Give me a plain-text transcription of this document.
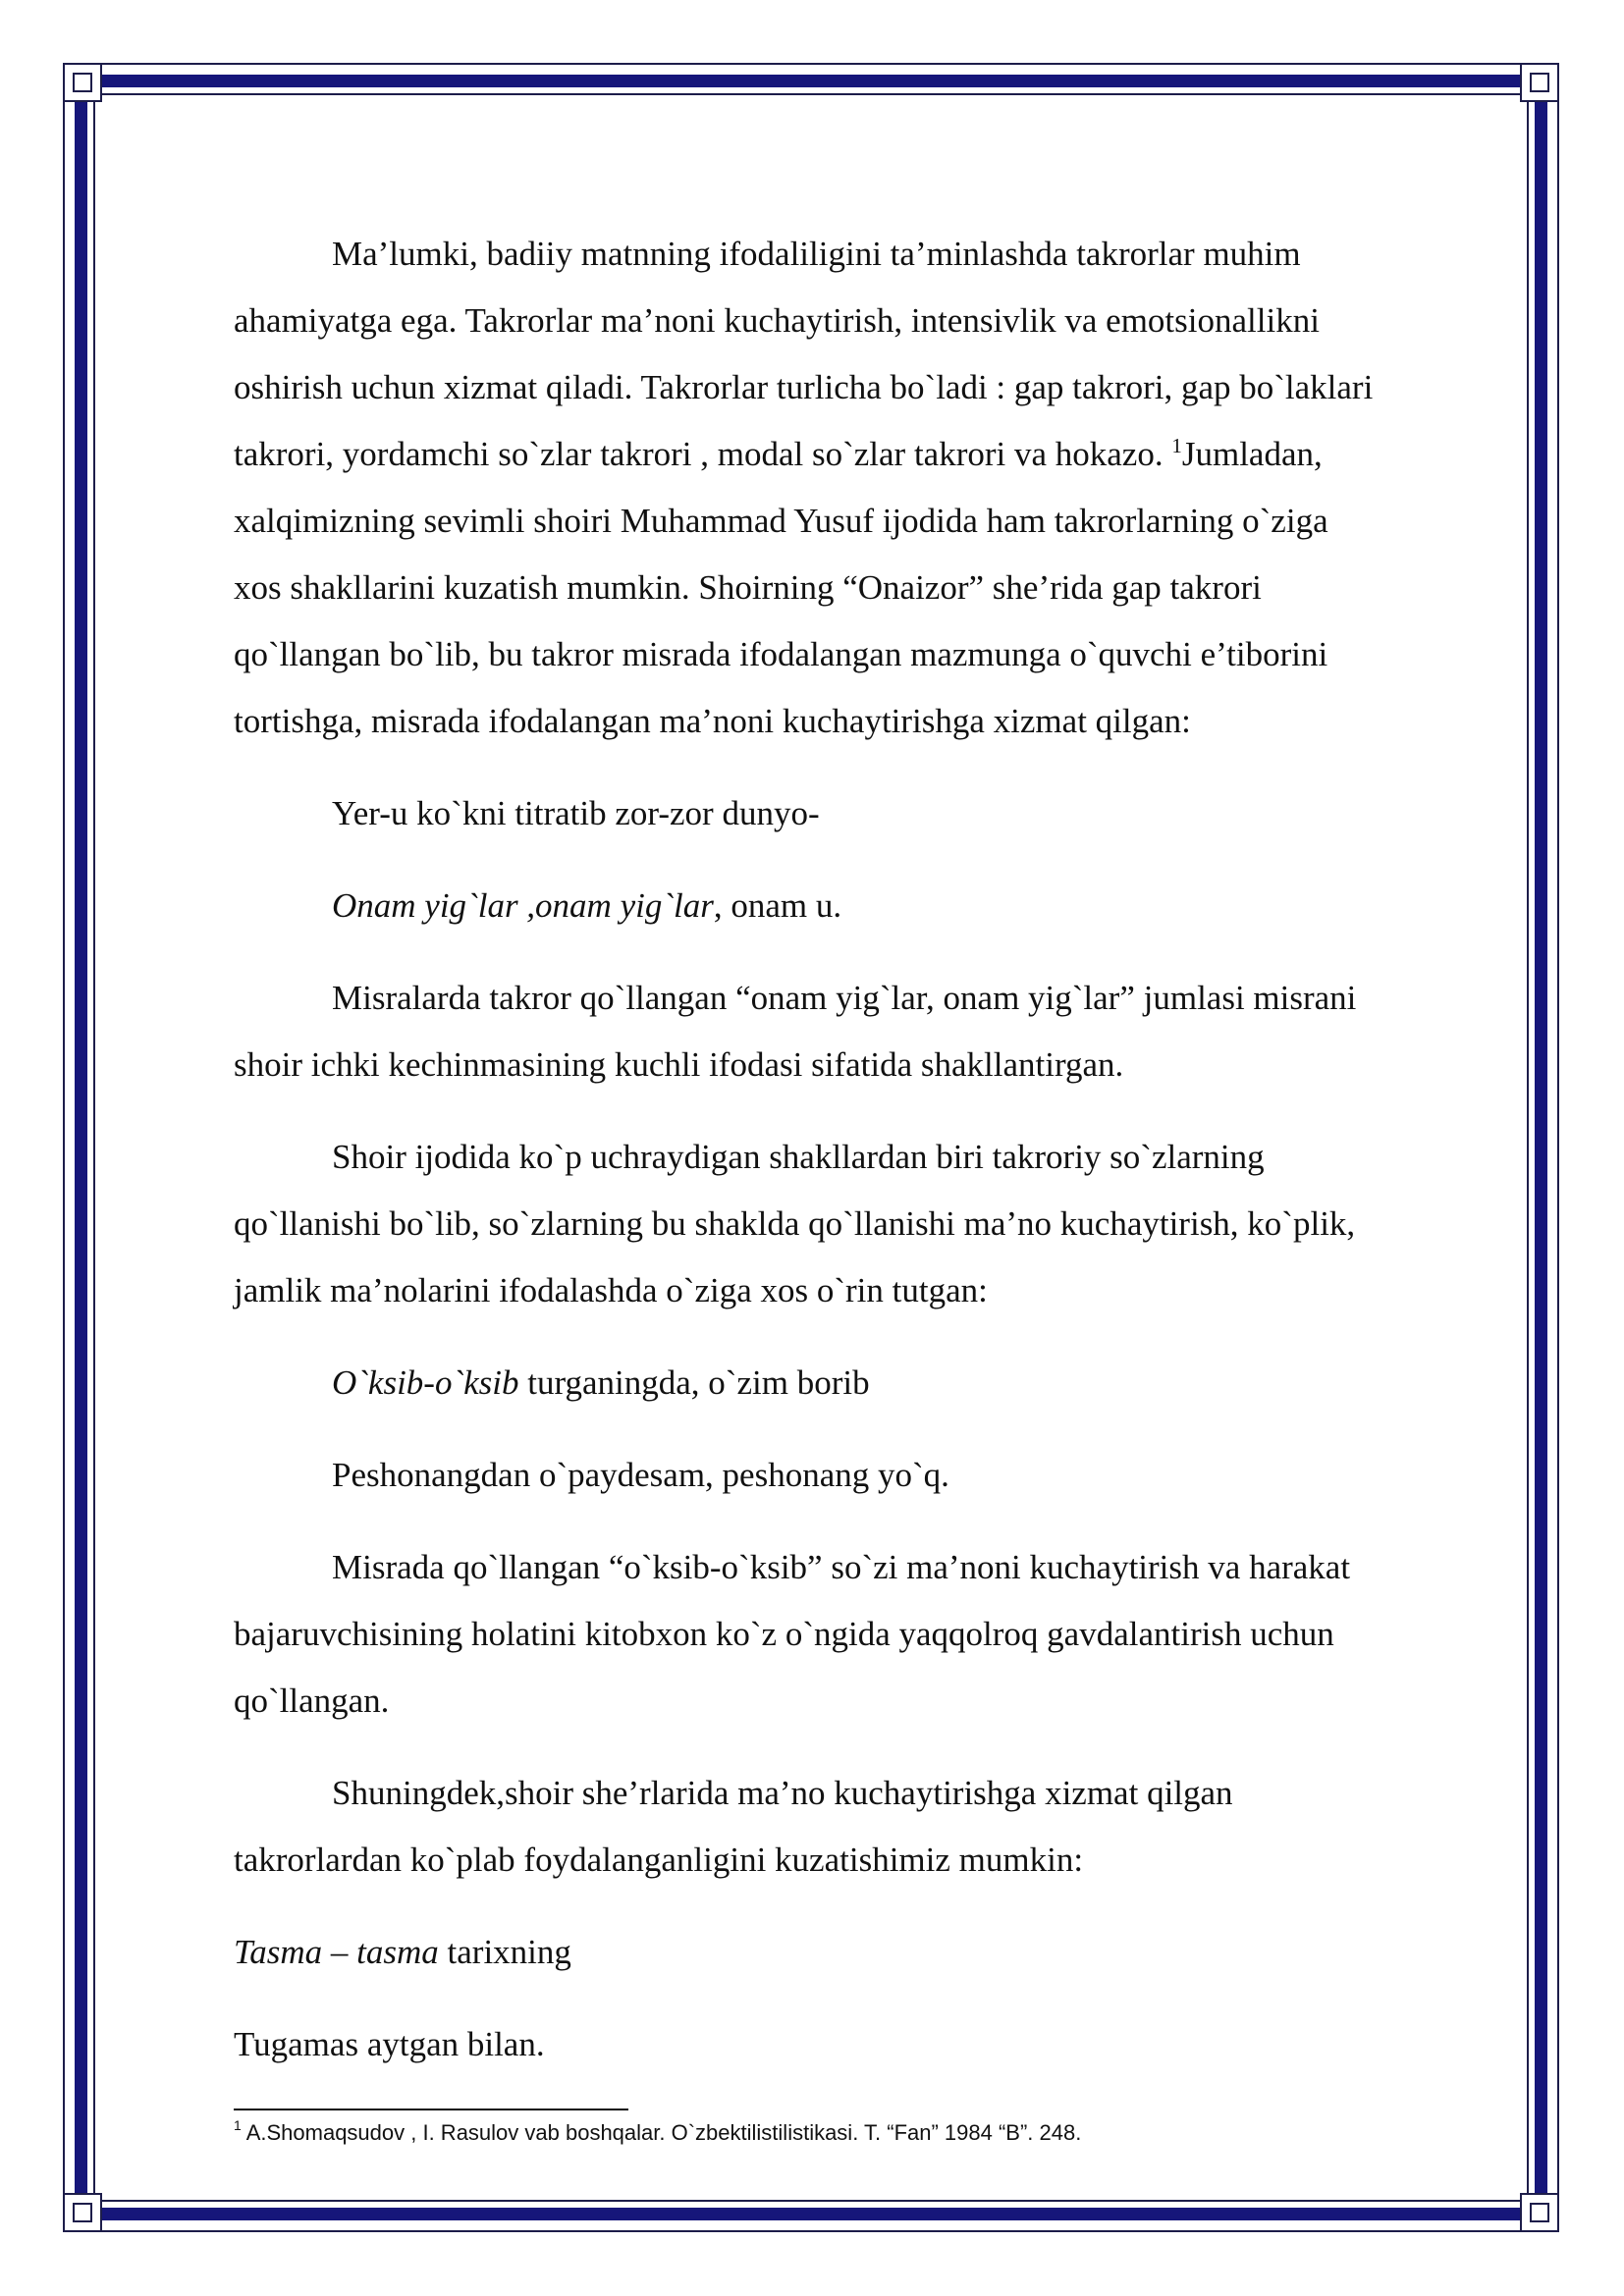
Ma’lumki, badiiy matnning ifodaliligini ta’minlashda takrorlar muhim
ahamiyatga ega. Takrorlar ma’noni kuchaytirish, intensivlik va emotsionallikni
oshirish uchun xizmat qiladi. Takrorlar turlicha bo`ladi : gap takrori, gap bo`laklari
takrori, yordamchi so`zlar takrori , modal so`zlar takrori va hokazo. $^1$Jumladan,
xalqimizning sevimli shoiri Muhammad Yusuf ijodida ham takrorlarning o`ziga
xos shakllarini kuzatish mumkin. Shoirning “Onaizor” she’rida gap takrori
qo`llangan bo`lib, bu takror misrada ifodalangan mazmunga o`quvchi e’tiborini
tortishga, misrada ifodalangan ma’noni kuchaytirishga xizmat qilgan:
Yer-u ko`kni titratib zor-zor dunyo-
Onam yig`lar ,onam yig`lar, onam u.
Misralarda takror qo`llangan “onam yig`lar, onam yig`lar” jumlasi misrani
shoir ichki kechinmasining kuchli ifodasi sifatida shakllantirgan.
Shoir ijodida ko`p uchraydigan shakllardan biri takroriy so`zlarning
qo`llanishi bo`lib, so`zlarning bu shaklda qo`llanishi ma’no kuchaytirish, ko`plik,
jamlik ma’nolarini ifodalashda o`ziga xos o`rin tutgan:
O`ksib-o`ksib turganingda, o`zim borib
Peshonangdan o`paydesam, peshonang yo`q.
Misrada qo`llangan “o`ksib-o`ksib” so`zi ma’noni kuchaytirish va harakat
bajaruvchisining holatini kitobxon ko`z o`ngida yaqqolroq gavdalantirish uchun
qo`llangan.
Shuningdek,shoir she’rlarida ma’no kuchaytirishga xizmat qilgan
takrorlardan ko`plab foydalanganligini kuzatishimiz mumkin:
Tasma – tasma tarixning
Tugamas aytgan bilan.
$^1$ A.Shomaqsudov , I. Rasulov vab boshqalar. O`zbektilistilistikasi. T. “Fan” 1984 “B”. 248.
